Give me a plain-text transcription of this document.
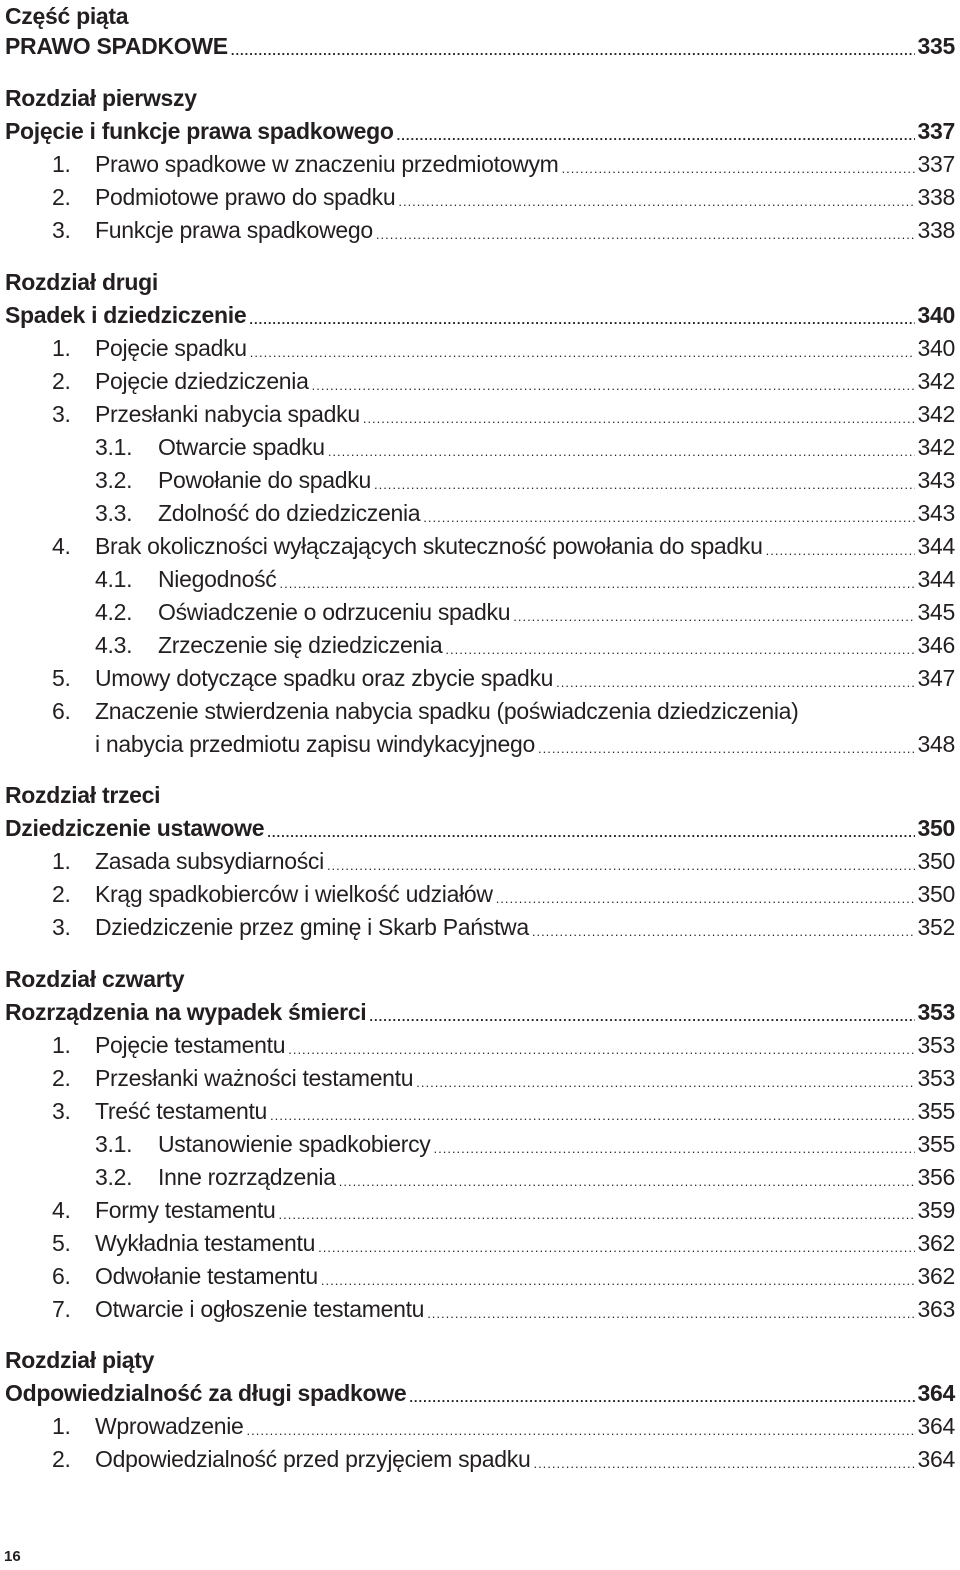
Część piąta
PRAWO SPADKOWE .....	335
Rozdział pierwszy
Pojęcie i funkcje prawa spadkowego .....	337
1. Prawo spadkowe w znaczeniu przedmiotowym .....	337
2. Podmiotowe prawo do spadku .....	338
3. Funkcje prawa spadkowego .....	338
Rozdział drugi
Spadek i dziedziczenie .....	340
1. Pojęcie spadku .....	340
2. Pojęcie dziedziczenia .....	342
3. Przesłanki nabycia spadku .....	342
3.1. Otwarcie spadku .....	342
3.2. Powołanie do spadku .....	343
3.3. Zdolność do dziedziczenia .....	343
4. Brak okoliczności wyłączających skuteczność powołania do spadku .....	344
4.1. Niegodność .....	344
4.2. Oświadczenie o odrzuceniu spadku .....	345
4.3. Zrzeczenie się dziedziczenia .....	346
5. Umowy dotyczące spadku oraz zbycie spadku .....	347
6. Znaczenie stwierdzenia nabycia spadku (poświadczenia dziedziczenia)
i nabycia przedmiotu zapisu windykacyjnego .....	348
Rozdział trzeci
Dziedziczenie ustawowe .....	350
1. Zasada subsydiarności .....	350
2. Krąg spadkobierców i wielkość udziałów .....	350
3. Dziedziczenie przez gminę i Skarb Państwa .....	352
Rozdział czwarty
Rozrządzenia na wypadek śmierci .....	353
1. Pojęcie testamentu .....	353
2. Przesłanki ważności testamentu .....	353
3. Treść testamentu .....	355
3.1. Ustanowienie spadkobiercy .....	355
3.2. Inne rozrządzenia .....	356
4. Formy testamentu .....	359
5. Wykładnia testamentu .....	362
6. Odwołanie testamentu .....	362
7. Otwarcie i ogłoszenie testamentu .....	363
Rozdział piąty
Odpowiedzialność za długi spadkowe .....	364
1. Wprowadzenie .....	364
2. Odpowiedzialność przed przyjęciem spadku .....	364
16
